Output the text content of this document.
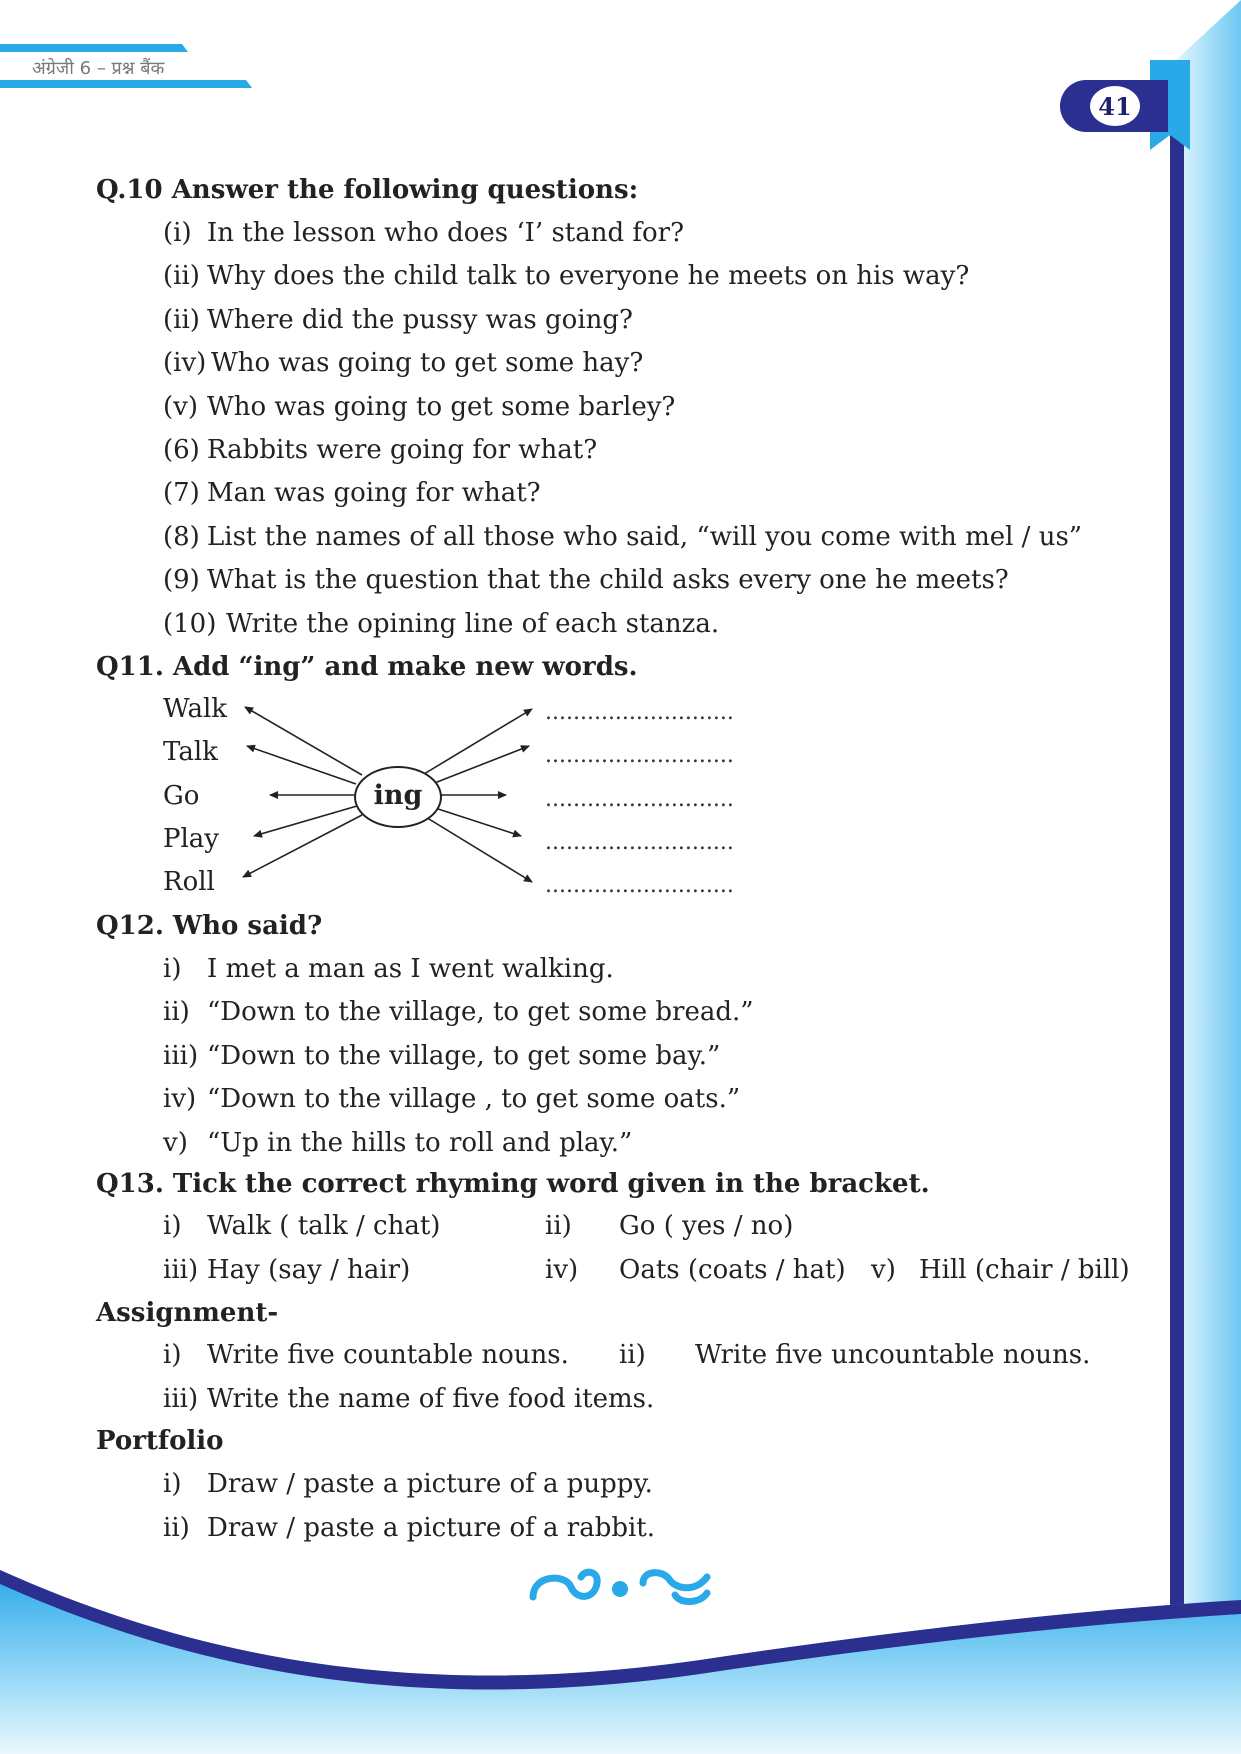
अंग्रेजी 6 – प्रश्न बैंक
41
Q.10 Answer the following questions:
(i) In the lesson who does ‘I’ stand for?
(ii) Why does the child talk to everyone he meets on his way?
(ii) Where did the pussy was going?
(iv) Who was going to get some hay?
(v) Who was going to get some barley?
(6) Rabbits were going for what?
(7) Man was going for what?
(8) List the names of all those who said, “will you come with mel / us”
(9) What is the question that the child asks every one he meets?
(10) Write the opining line of each stanza.
Q11. Add “ing” and make new words.
Walk
Talk
Go
Play
Roll
ing
...........................
...........................
...........................
...........................
...........................
Q12. Who said?
i) I met a man as I went walking.
ii) “Down to the village, to get some bread.”
iii) “Down to the village, to get some bay.”
iv) “Down to the village , to get some oats.”
v) “Up in the hills to roll and play.”
Q13. Tick the correct rhyming word given in the bracket.
i) Walk ( talk / chat)	ii) Go ( yes / no)
iii) Hay (say / hair)	iv) Oats (coats / hat) v) Hill (chair / bill)
Assignment-
i) Write five countable nouns. ii) Write five uncountable nouns.
iii) Write the name of five food items.
Portfolio
i) Draw / paste a picture of a puppy.
ii) Draw / paste a picture of a rabbit.
